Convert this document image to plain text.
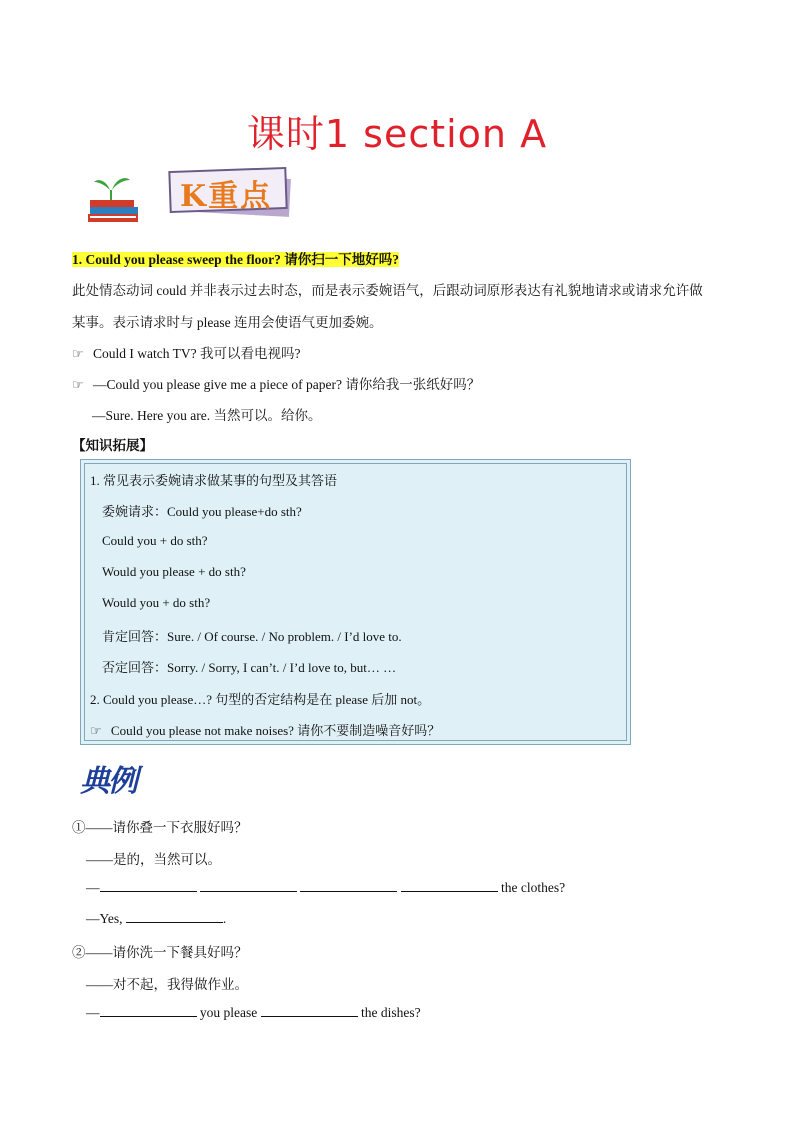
课时1 section A
K重点
1. Could you please sweep the floor? 请你扫一下地好吗?
此处情态动词 could 并非表示过去时态，而是表示委婉语气，后跟动词原形表达有礼貌地请求或请求允许做
某事。表示请求时与 please 连用会使语气更加委婉。
☞ Could I watch TV? 我可以看电视吗?
☞ —Could you please give me a piece of paper? 请你给我一张纸好吗？
—Sure. Here you are. 当然可以。给你。
【知识拓展】
1. 常见表示委婉请求做某事的句型及其答语
委婉请求：Could you please+do sth?
Could you + do sth?
Would you please + do sth?
Would you + do sth?
肯定回答：Sure. / Of course. / No problem. / I’d love to.
否定回答：Sorry. / Sorry, I can’t. / I’d love to, but… …
2. Could you please…? 句型的否定结构是在 please 后加 not。
☞ Could you please not make noises? 请你不要制造噪音好吗？
典例
①——请你叠一下衣服好吗？
——是的，当然可以。
—	the clothes?
—Yes,	.
②——请你洗一下餐具好吗？
——对不起，我得做作业。
—	you please	the dishes?
